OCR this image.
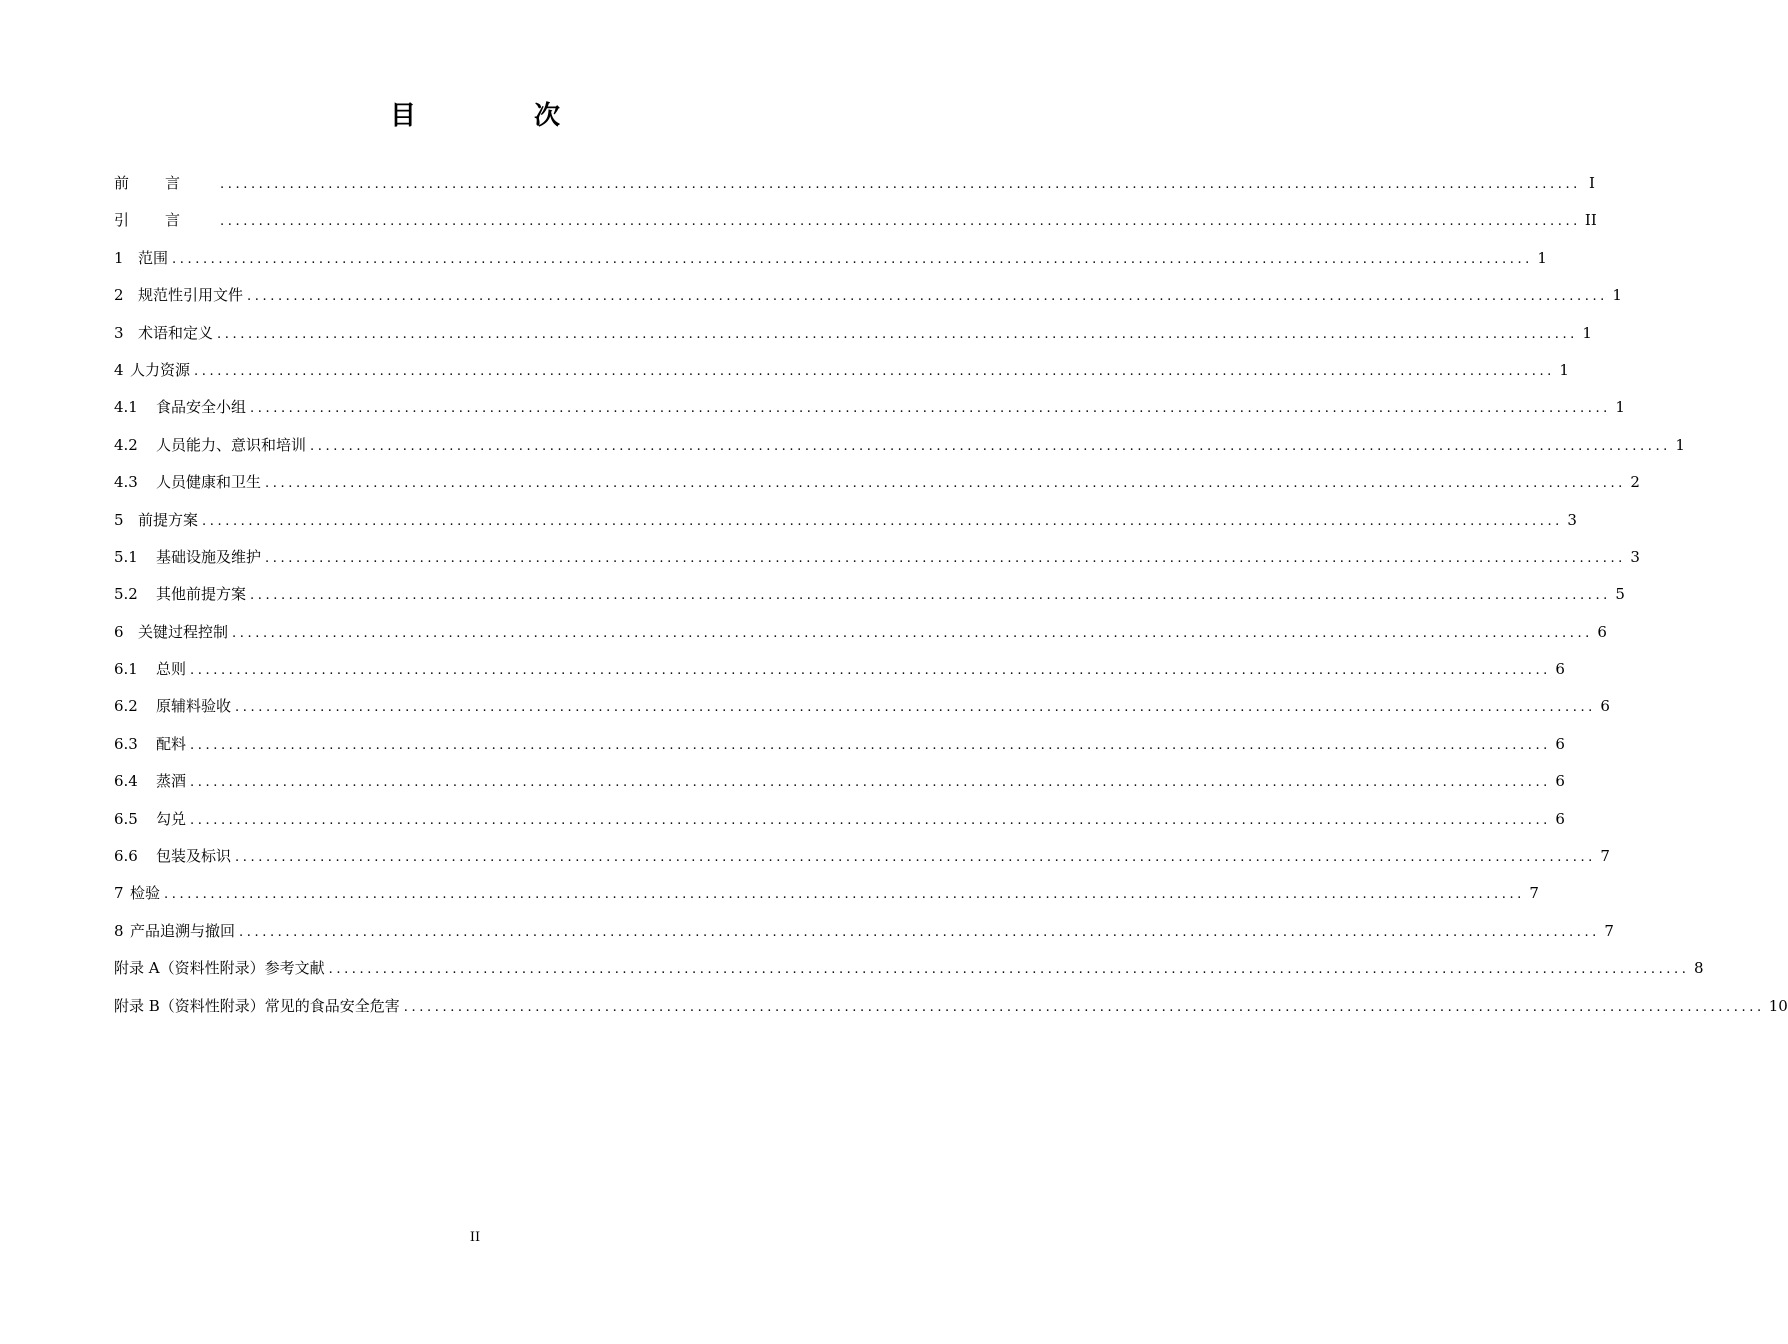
目　次
前言 ................................................................................................................................................................................ I
引言 ................................................................................................................................................................................ II
1 范围 ................................................................................................................................................................................ 1
2 规范性引用文件 ................................................................................................................................................................................ 1
3 术语和定义 ................................................................................................................................................................................ 1
4 人力资源 ................................................................................................................................................................................ 1
4.1 食品安全小组 ................................................................................................................................................................................ 1
4.2 人员能力、意识和培训 ................................................................................................................................................................................ 1
4.3 人员健康和卫生 ................................................................................................................................................................................ 2
5 前提方案 ................................................................................................................................................................................ 3
5.1 基础设施及维护 ................................................................................................................................................................................ 3
5.2 其他前提方案 ................................................................................................................................................................................ 5
6 关键过程控制 ................................................................................................................................................................................ 6
6.1 总则 ................................................................................................................................................................................ 6
6.2 原辅料验收 ................................................................................................................................................................................ 6
6.3 配料 ................................................................................................................................................................................ 6
6.4 蒸酒 ................................................................................................................................................................................ 6
6.5 勾兑 ................................................................................................................................................................................ 6
6.6 包装及标识 ................................................................................................................................................................................ 7
7 检验 ................................................................................................................................................................................ 7
8 产品追溯与撤回 ................................................................................................................................................................................ 7
附录 A（资料性附录）参考文献 ................................................................................................................................................................................ 8
附录 B（资料性附录）常见的食品安全危害 ................................................................................................................................................................................ 10
II
